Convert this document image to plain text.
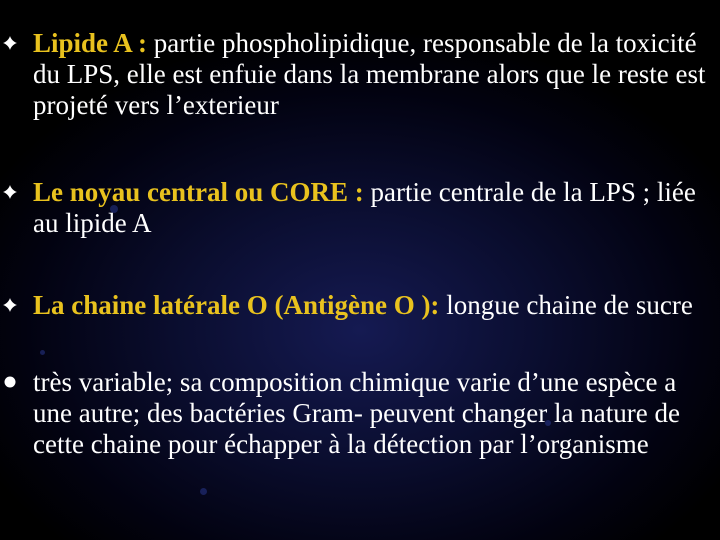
Lipide A : partie phospholipidique, responsable de la toxicité du LPS, elle est enfuie dans la membrane alors que le reste est projeté vers l’exterieur
Le noyau central ou CORE : partie centrale de la LPS ; liée au lipide A
La chaine latérale O (Antigène O ): longue chaine de sucre
très variable; sa composition chimique varie d’une espèce a une autre; des bactéries Gram- peuvent changer la nature de cette chaine pour échapper à la détection par l’organisme
